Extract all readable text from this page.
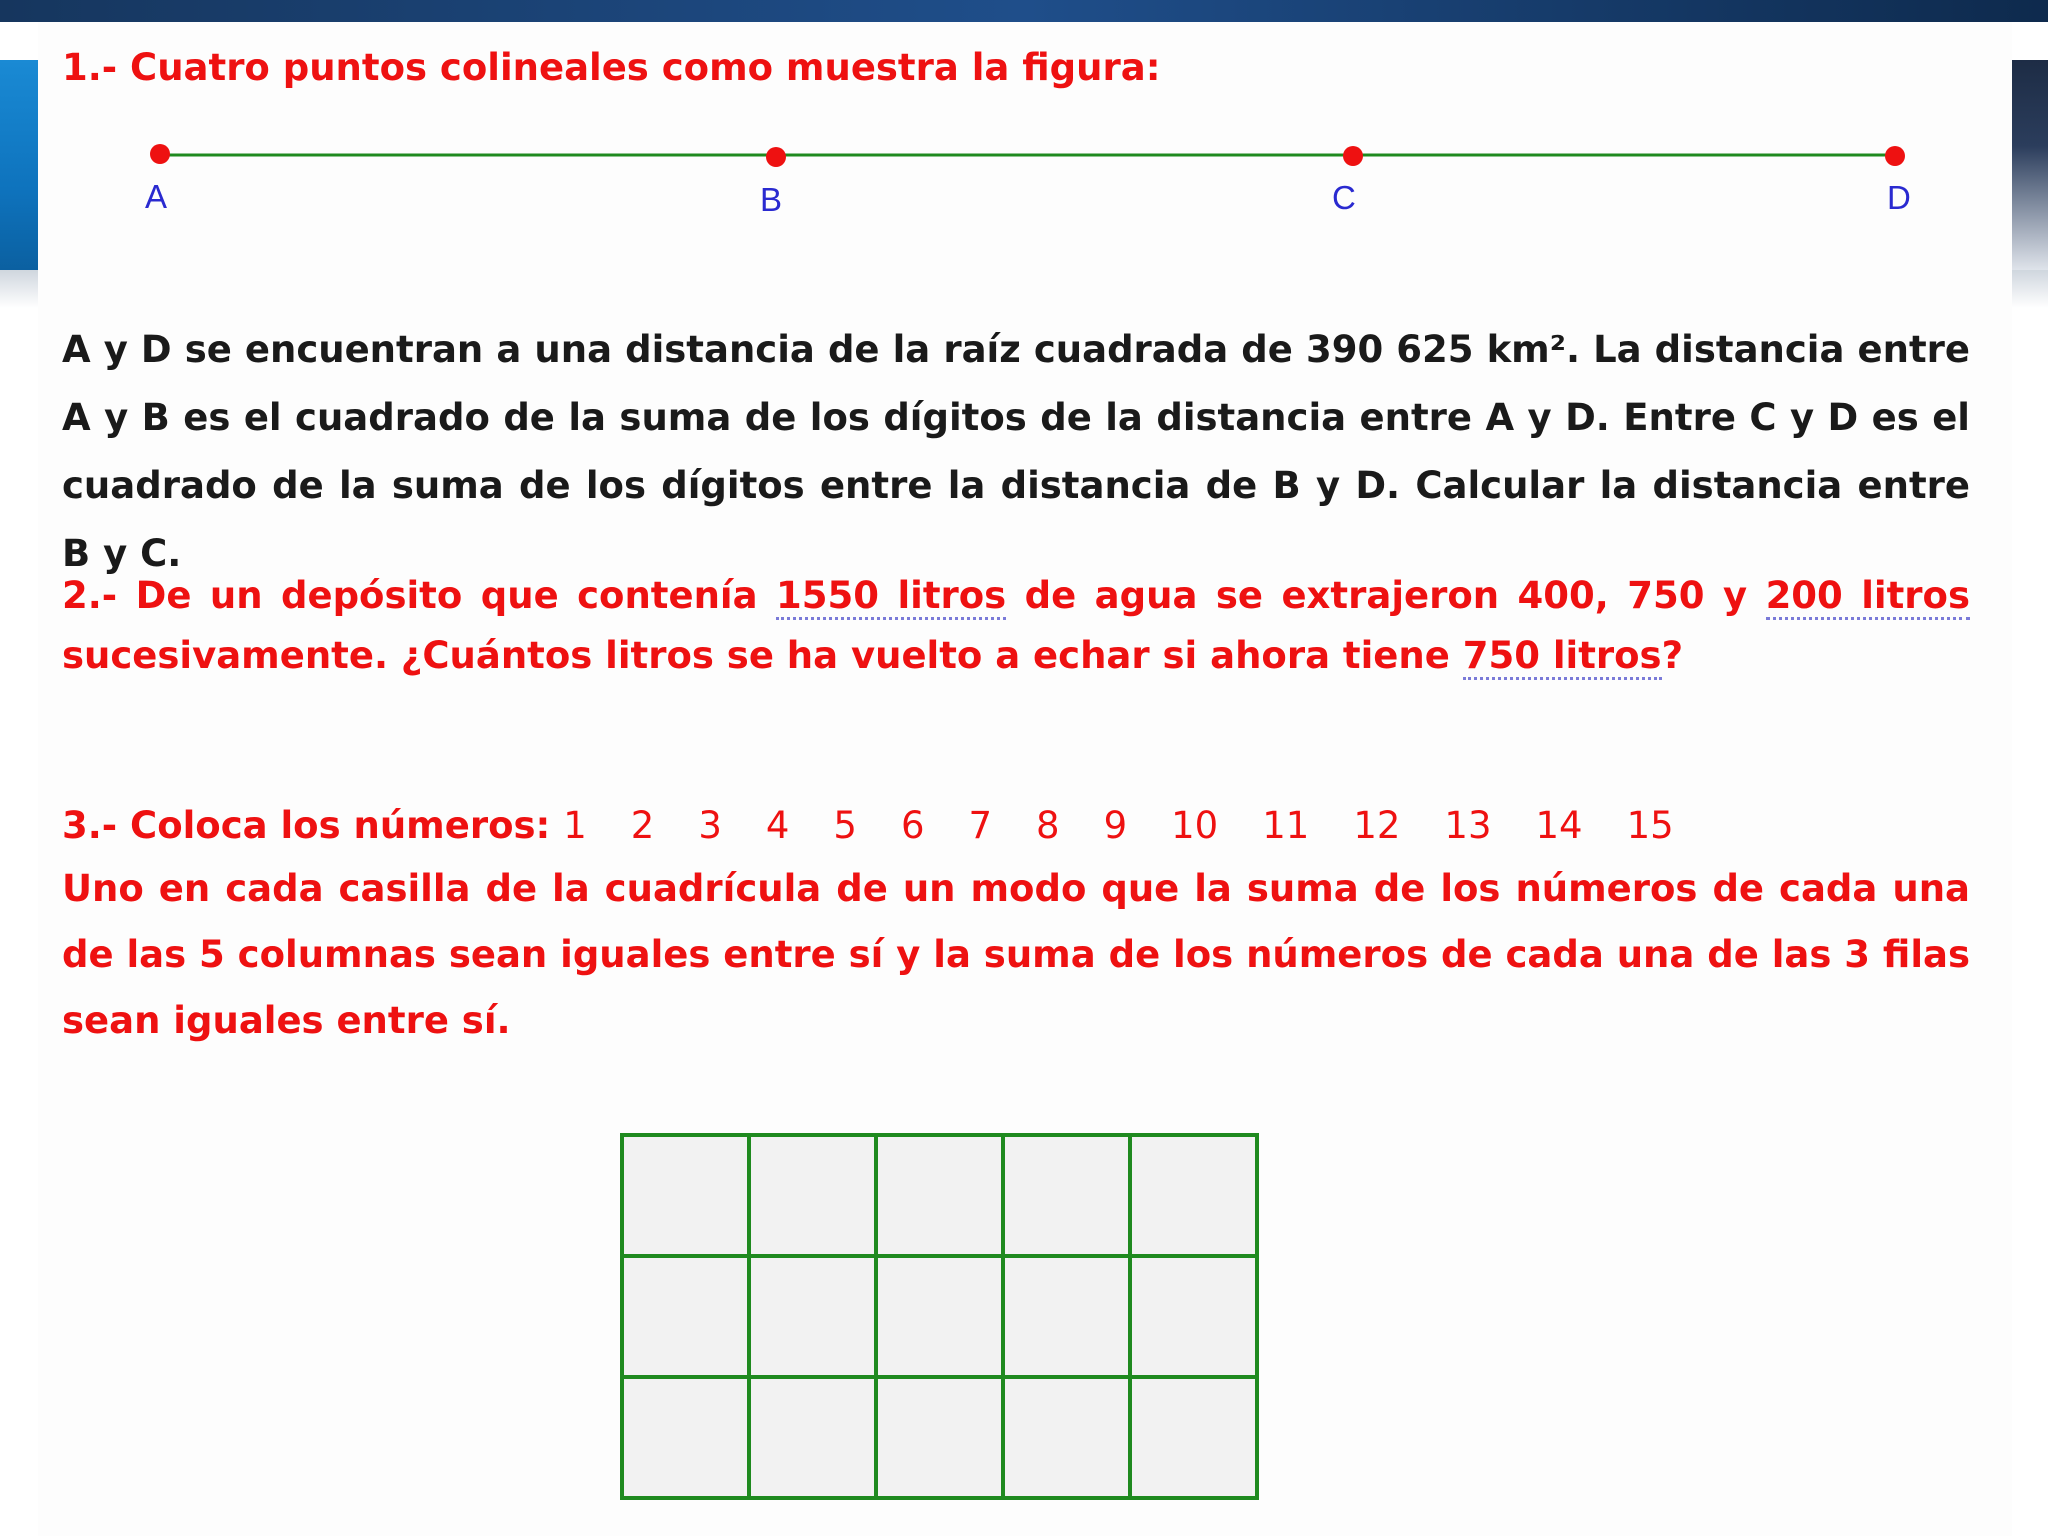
1.- Cuatro puntos colineales como muestra la figura:
A	B	C	D
A y D se encuentran a una distancia de la raíz cuadrada de 390 625 km². La distancia entre A y B es el cuadrado de la suma de los dígitos de la distancia entre A y D. Entre C y D es el cuadrado de la suma de los dígitos entre la distancia de B y D. Calcular la distancia entre B y C.
2.- De un depósito que contenía 1550 litros de agua se extrajeron 400, 750 y 200 litros sucesivamente. ¿Cuántos litros se ha vuelto a echar si ahora tiene 750 litros?
3.- Coloca los números: 1 2 3 4 5 6 7 8 9 10 11 12 13 14 15
Uno en cada casilla de la cuadrícula de un modo que la suma de los números de cada una de las 5 columnas sean iguales entre sí y la suma de los números de cada una de las 3 filas sean iguales entre sí.
